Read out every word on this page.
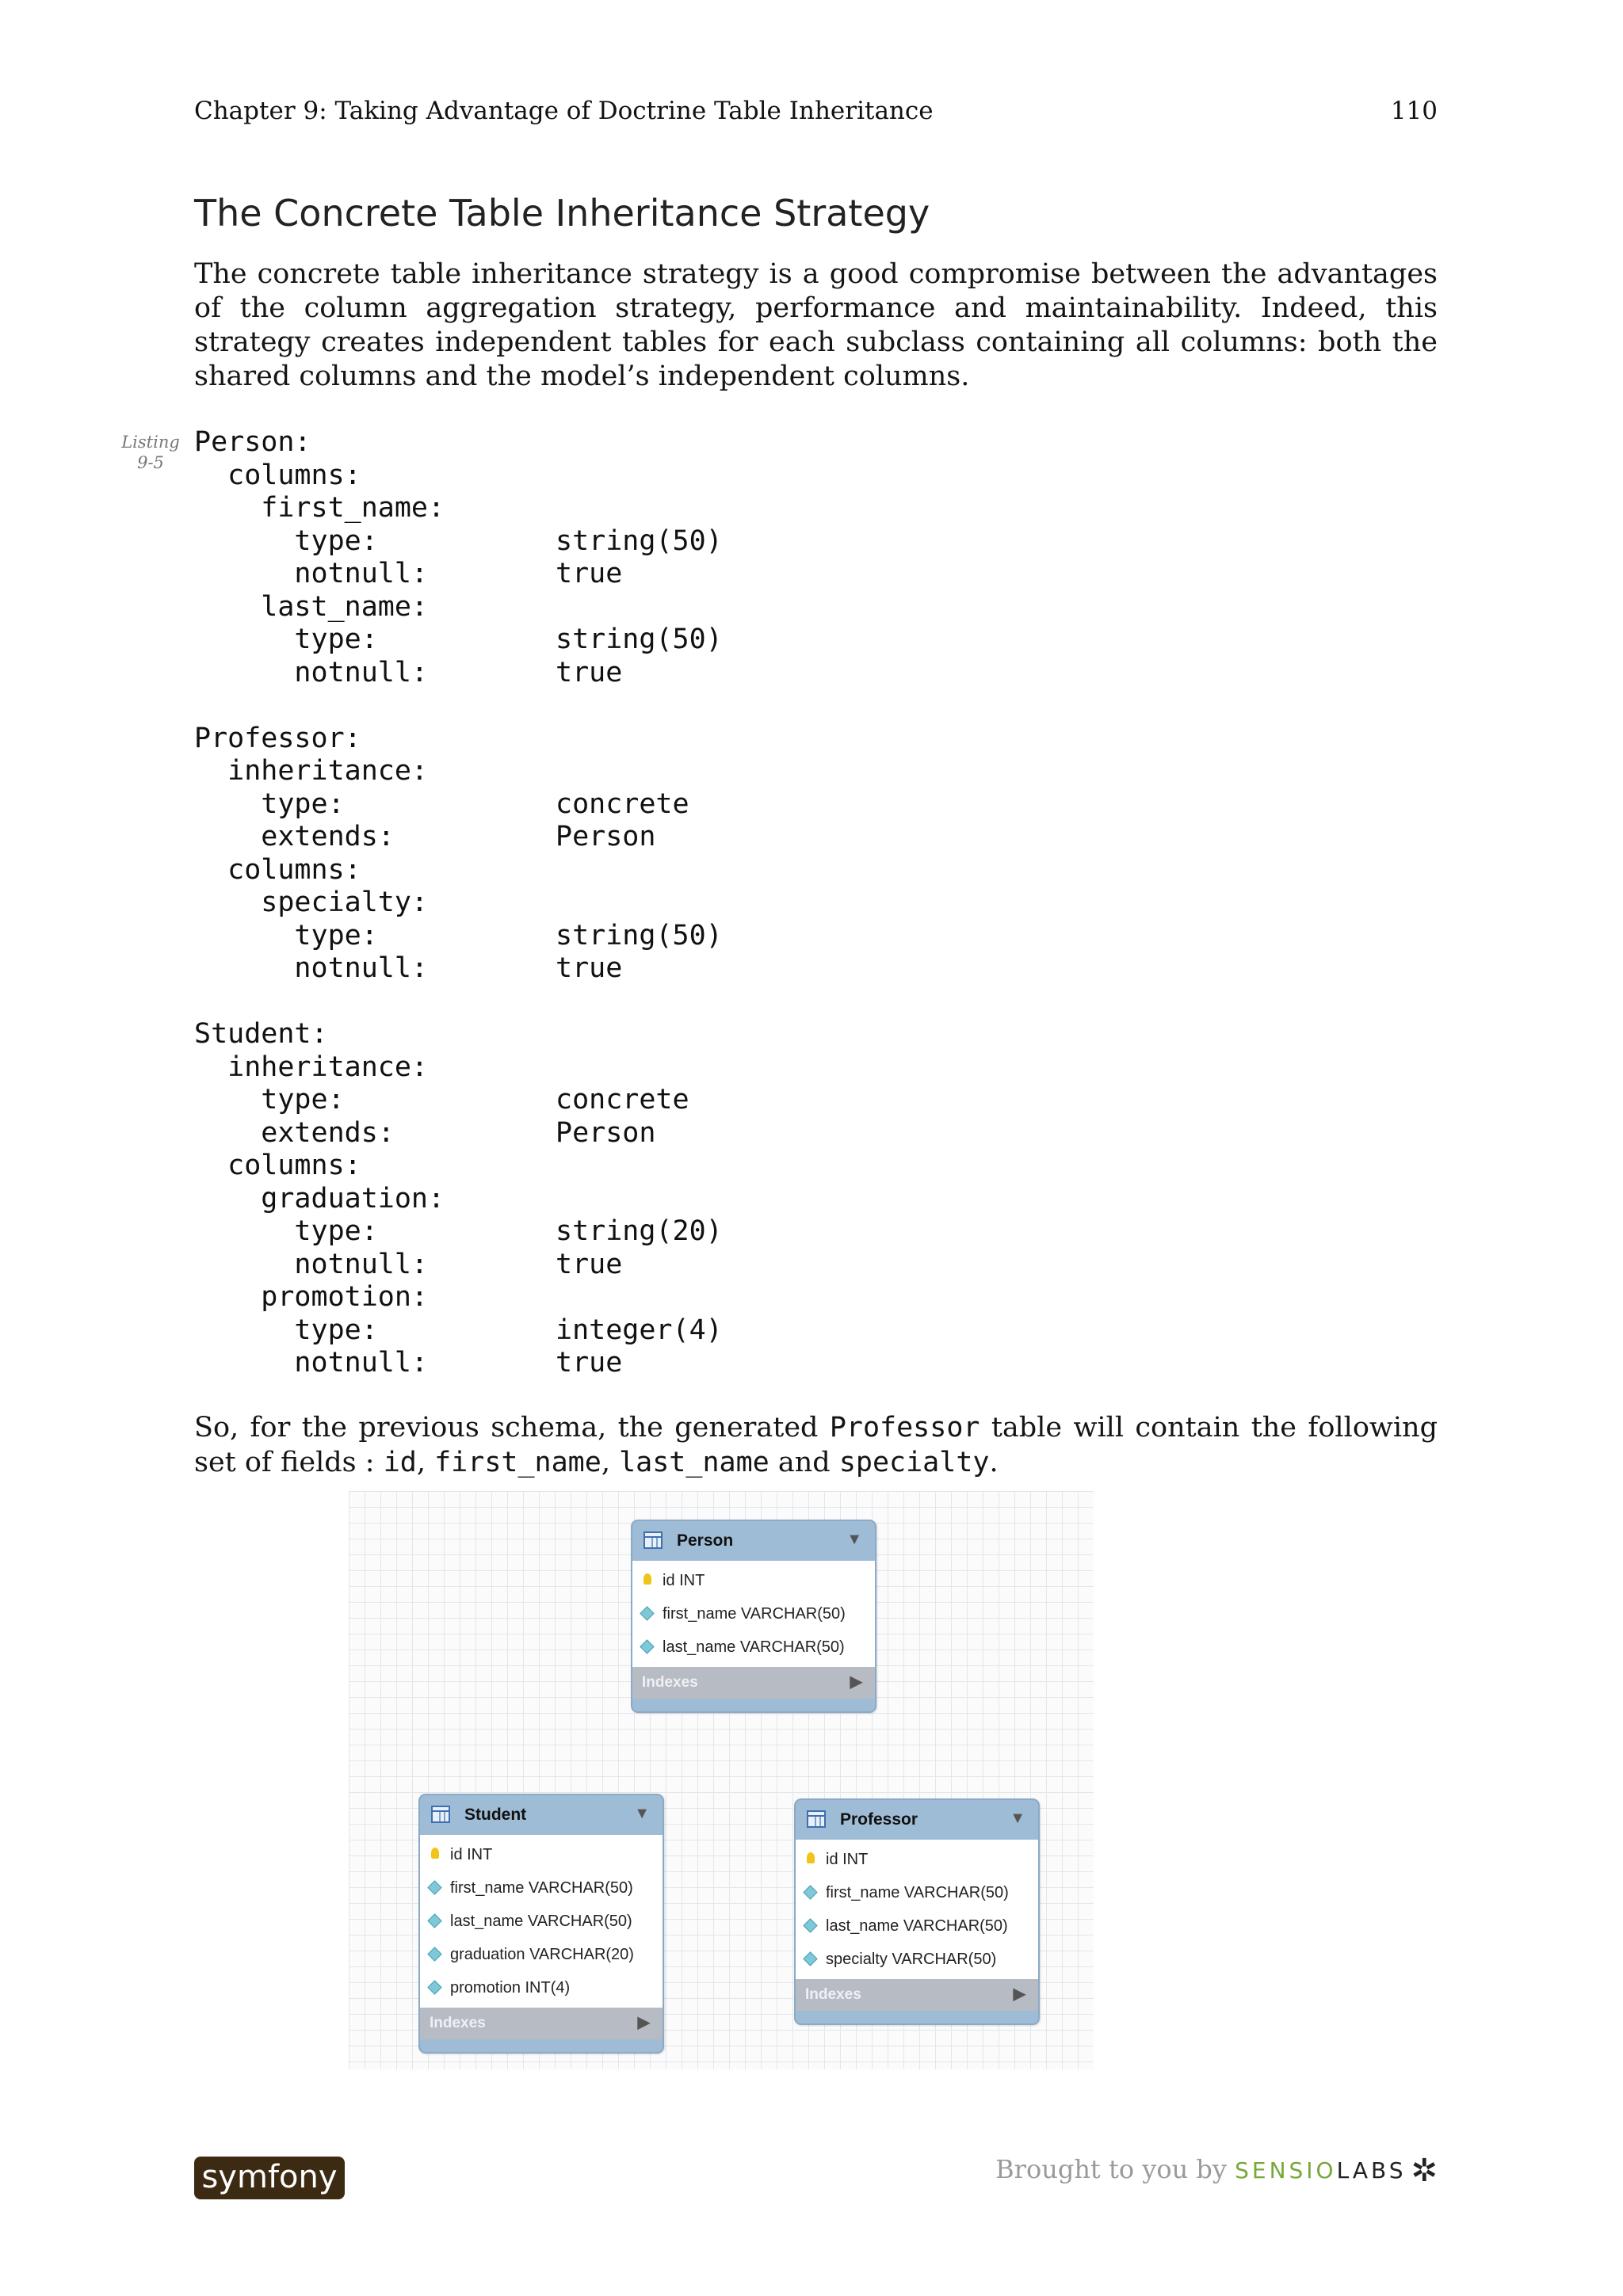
Chapter 9: Taking Advantage of Doctrine Table Inheritance	110
The Concrete Table Inheritance Strategy
The concrete table inheritance strategy is a good compromise between the advantages of the column aggregation strategy, performance and maintainability. Indeed, this strategy creates independent tables for each subclass containing all columns: both the shared columns and the model’s independent columns.
Listing
9-5
Person:
columns:
first_name:
type:	string(50)
notnull:	true
last_name:
type:	string(50)
notnull:	true
Professor:
inheritance:
type:	concrete
extends:	Person
columns:
specialty:
type:	string(50)
notnull:	true
Student:
inheritance:
type:	concrete
extends:	Person
columns:
graduation:
type:	string(20)
notnull:	true
promotion:
type:	integer(4)
notnull:	true
So, for the previous schema, the generated Professor table will contain the following set of fields : id, first_name, last_name and specialty.
Person	▼
id INT
first_name VARCHAR(50)
last_name VARCHAR(50)
Indexes	▶
Student	▼
id INT
first_name VARCHAR(50)
last_name VARCHAR(50)
graduation VARCHAR(20)
promotion INT(4)
Indexes	▶
Professor	▼
id INT
first_name VARCHAR(50)
last_name VARCHAR(50)
specialty VARCHAR(50)
Indexes	▶
symfony	Brought to you by SENSIOLABS ✲
